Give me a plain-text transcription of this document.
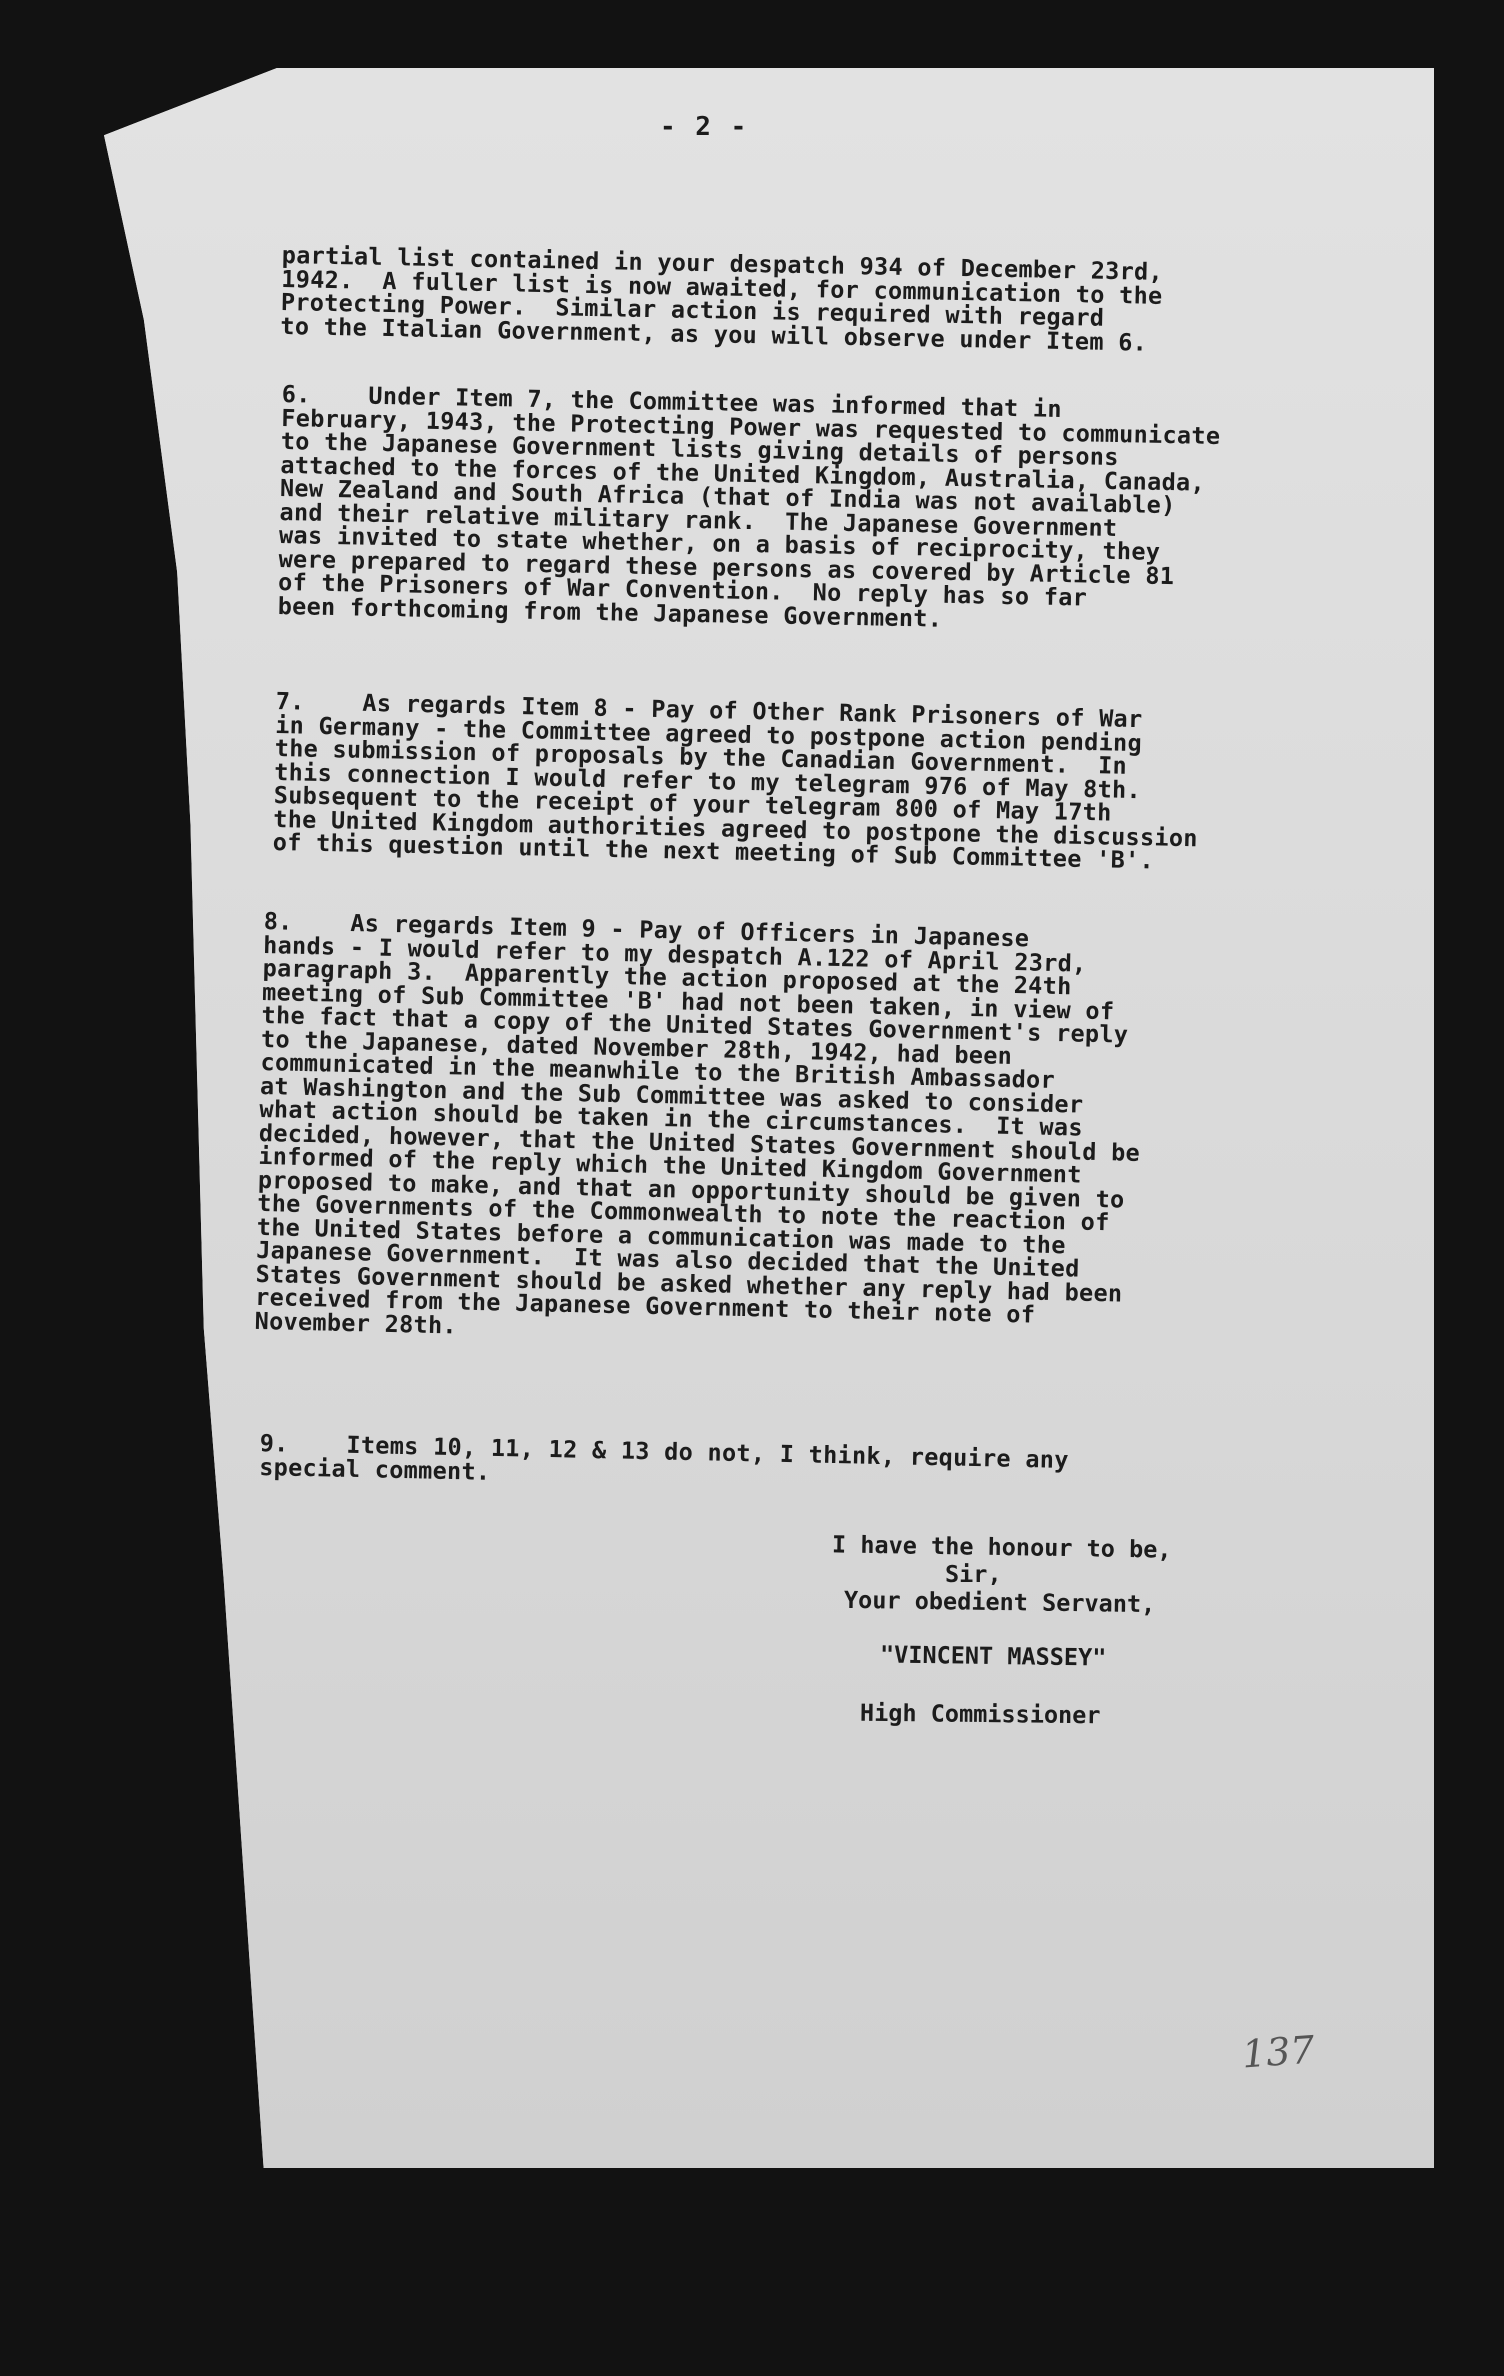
- 2 -
partial list contained in your despatch 934 of December 23rd,
1942.  A fuller list is now awaited, for communication to the
Protecting Power.  Similar action is required with regard
to the Italian Government, as you will observe under Item 6.
6.    Under Item 7, the Committee was informed that in
February, 1943, the Protecting Power was requested to communicate
to the Japanese Government lists giving details of persons
attached to the forces of the United Kingdom, Australia, Canada,
New Zealand and South Africa (that of India was not available)
and their relative military rank.  The Japanese Government
was invited to state whether, on a basis of reciprocity, they
were prepared to regard these persons as covered by Article 81
of the Prisoners of War Convention.  No reply has so far
been forthcoming from the Japanese Government.
7.    As regards Item 8 - Pay of Other Rank Prisoners of War
in Germany - the Committee agreed to postpone action pending
the submission of proposals by the Canadian Government.  In
this connection I would refer to my telegram 976 of May 8th.
Subsequent to the receipt of your telegram 800 of May 17th
the United Kingdom authorities agreed to postpone the discussion
of this question until the next meeting of Sub Committee 'B'.
8.    As regards Item 9 - Pay of Officers in Japanese
hands - I would refer to my despatch A.122 of April 23rd,
paragraph 3.  Apparently the action proposed at the 24th
meeting of Sub Committee 'B' had not been taken, in view of
the fact that a copy of the United States Government's reply
to the Japanese, dated November 28th, 1942, had been
communicated in the meanwhile to the British Ambassador
at Washington and the Sub Committee was asked to consider
what action should be taken in the circumstances.  It was
decided, however, that the United States Government should be
informed of the reply which the United Kingdom Government
proposed to make, and that an opportunity should be given to
the Governments of the Commonwealth to note the reaction of
the United States before a communication was made to the
Japanese Government.  It was also decided that the United
States Government should be asked whether any reply had been
received from the Japanese Government to their note of
November 28th.
9.    Items 10, 11, 12 & 13 do not, I think, require any
special comment.
I have the honour to be,
Sir,
Your obedient Servant,
"VINCENT MASSEY"
High Commissioner
137
